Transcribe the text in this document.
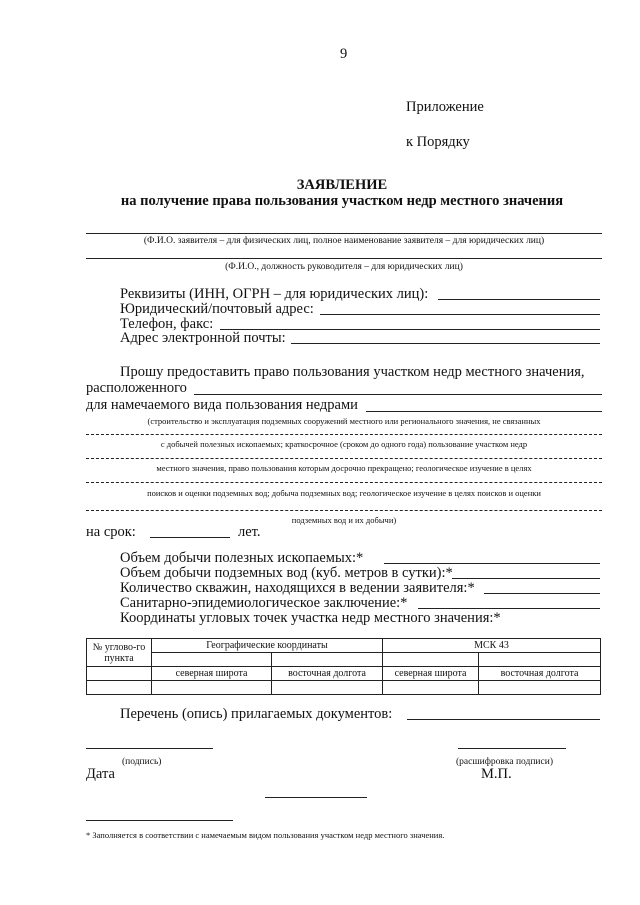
9
Приложение
к Порядку
ЗАЯВЛЕНИЕ
на получение права пользования участком недр местного значения
(Ф.И.О. заявителя – для физических лиц, полное наименование заявителя – для юридических лиц)
(Ф.И.О., должность руководителя – для юридических лиц)
Реквизиты (ИНН, ОГРН – для юридических лиц):
Юридический/почтовый адрес:
Телефон, факс:
Адрес электронной почты:
Прошу предоставить право пользования участком недр местного значения,
расположенного
для намечаемого вида пользования недрами
(строительство и эксплуатация подземных сооружений местного или регионального значения, не связанных
с добычей полезных ископаемых; краткосрочное (сроком до одного года) пользование участком недр
местного значения, право пользования которым досрочно прекращено; геологическое изучение в целях
поисков и оценки подземных вод; добыча подземных вод; геологическое изучение в целях поисков и оценки
подземных вод и их добычи)
на срок:	лет.
Объем добычи полезных ископаемых:*
Объем добычи подземных вод (куб. метров в сутки):*
Количество скважин, находящихся в ведении заявителя:*
Санитарно-эпидемиологическое заключение:*
Координаты угловых точек участка недр местного значения:*
№ углово-го пункта	Географические координаты		МСК 43	

	северная широта	восточная долгота	северная широта	восточная долгота

Перечень (опись) прилагаемых документов:
(подпись)	(расшифровка подписи)
Дата	М.П.
* Заполняется в соответствии с намечаемым видом пользования участком недр местного значения.
